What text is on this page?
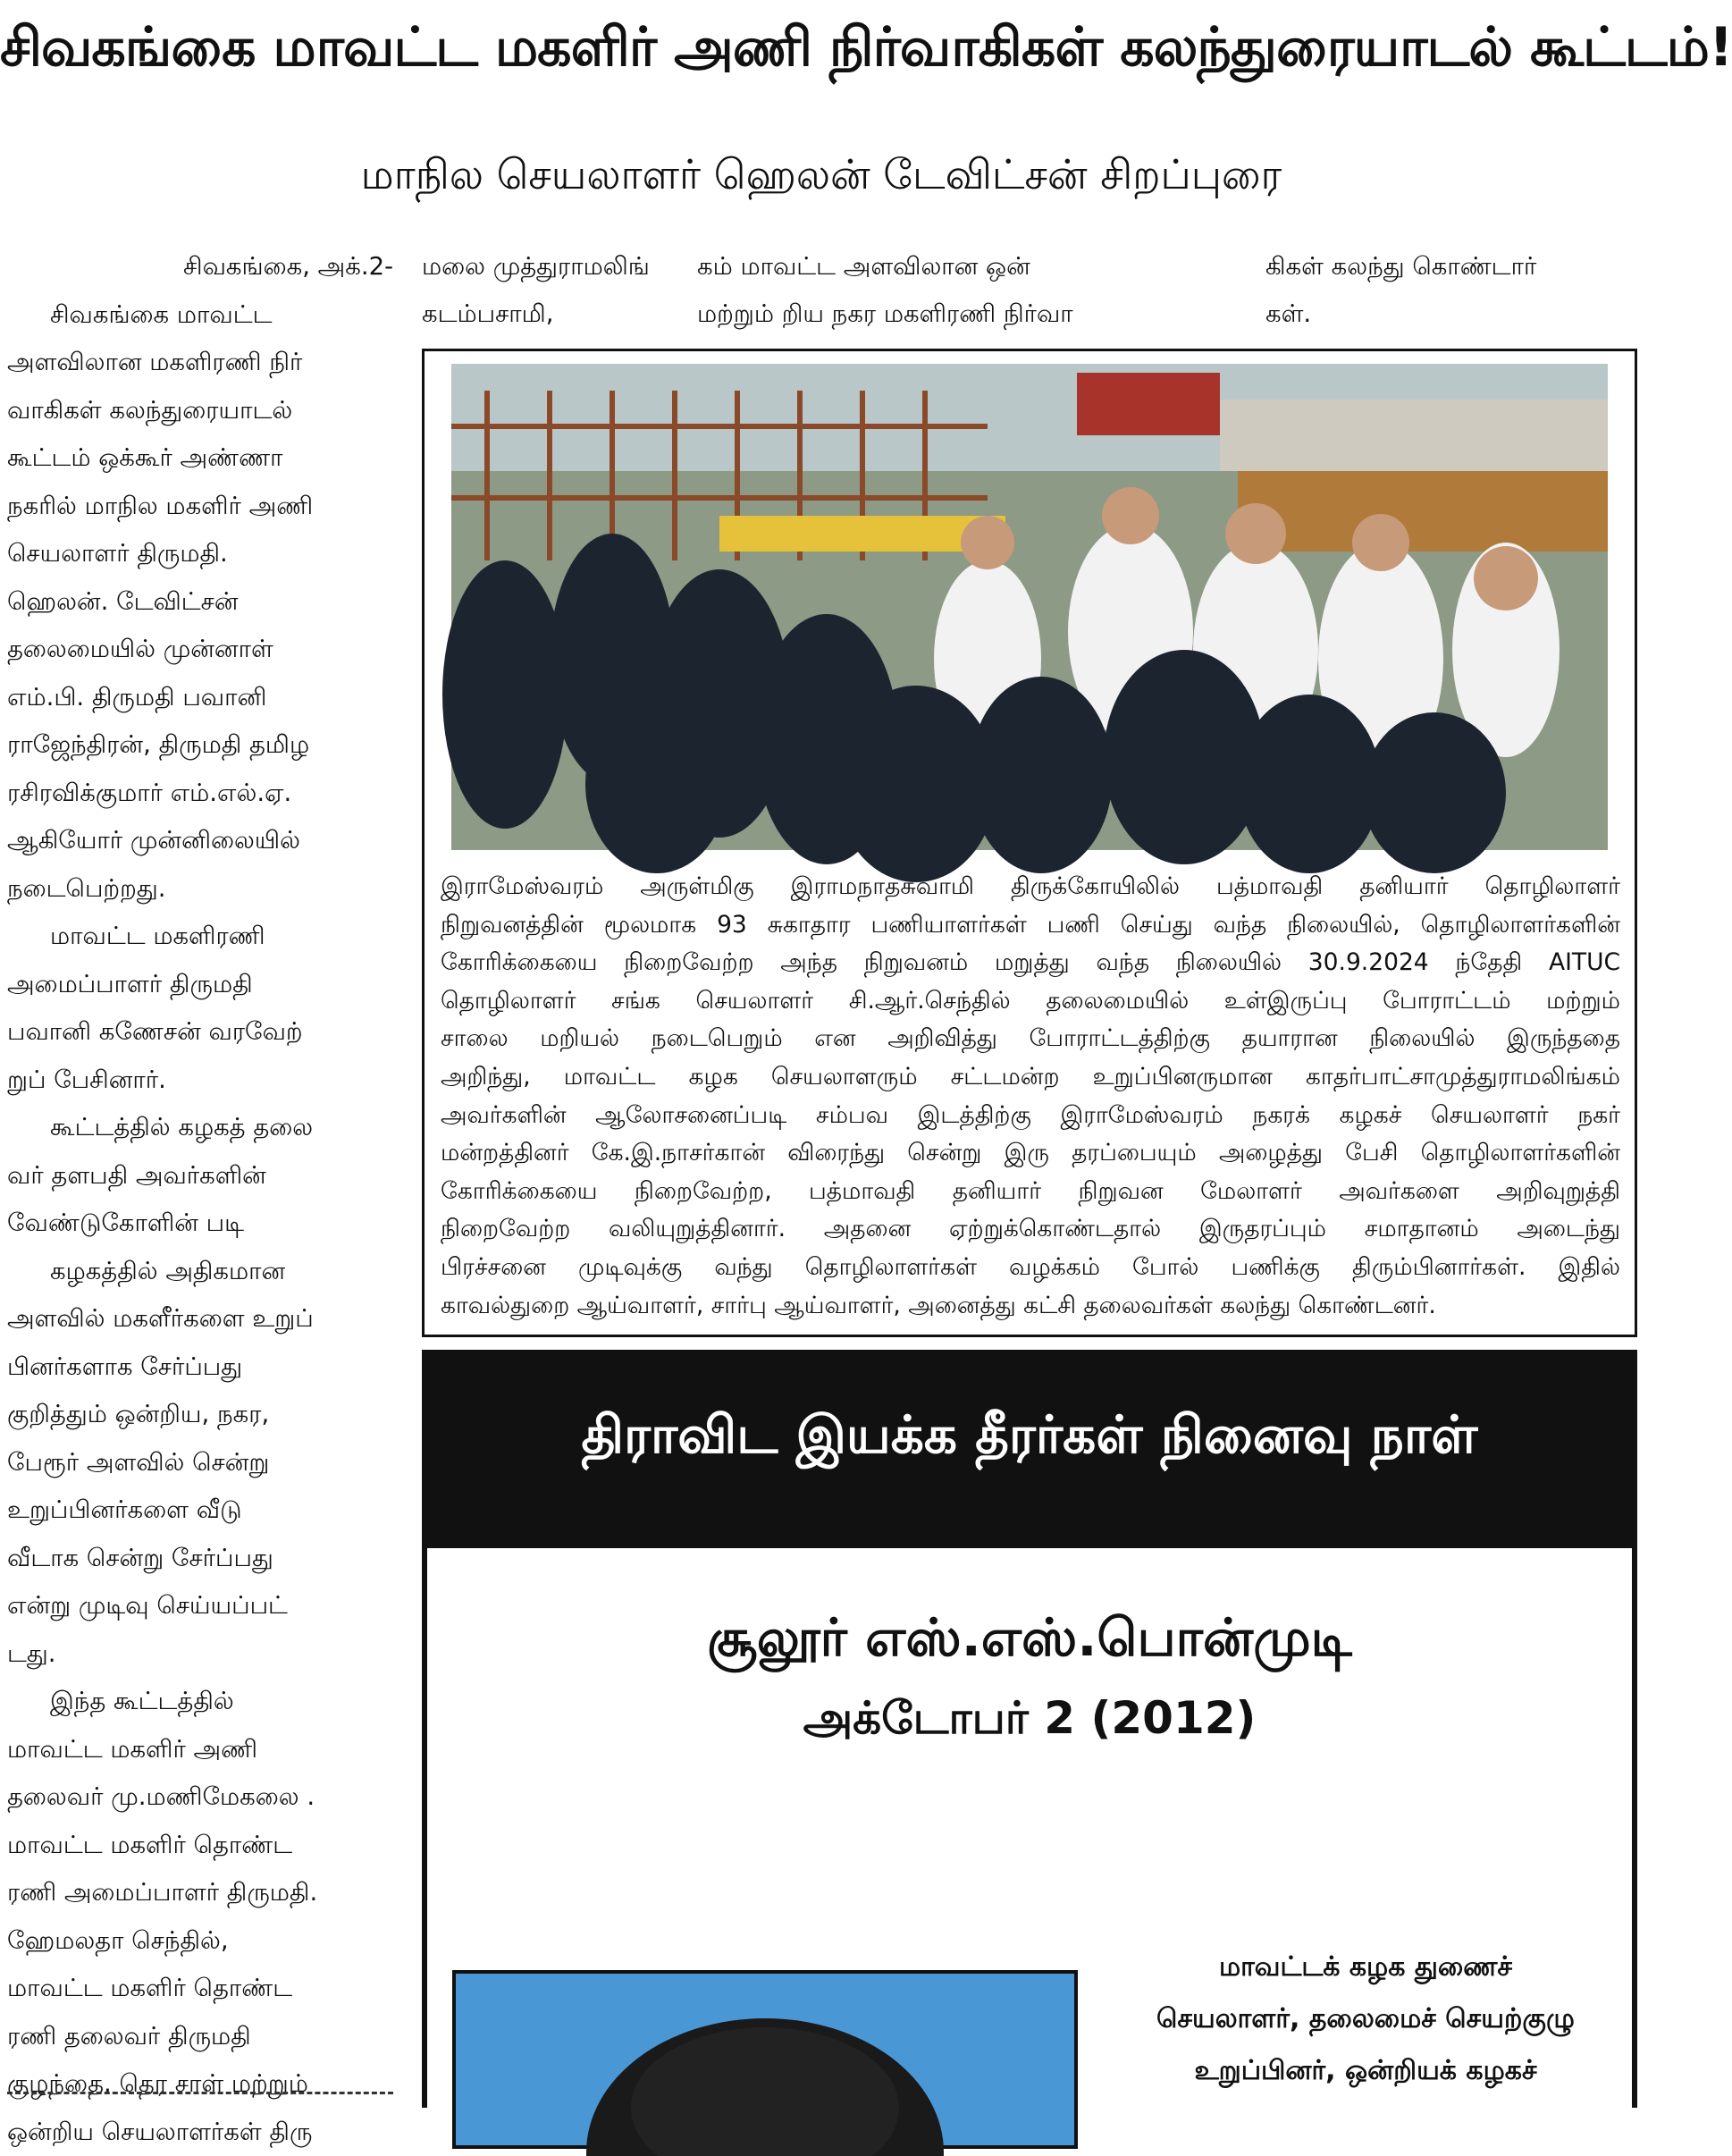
சிவகங்கை மாவட்ட மகளிர் அணி நிர்வாகிகள் கலந்துரையாடல் கூட்டம்!
மாநில செயலாளர் ஹெலன் டேவிட்சன் சிறப்புரை

சிவகங்கை, அக்.2-

சிவகங்கை மாவட்ட

அளவிலான மகளிரணி நிர்

வாகிகள் கலந்துரையாடல்

கூட்டம் ஒக்கூர் அண்ணா

நகரில் மாநில மகளிர் அணி

செயலாளர் திருமதி.

ஹெலன். டேவிட்சன்

தலைமையில் முன்னாள்

எம்.பி. திருமதி பவானி

ராஜேந்திரன், திருமதி தமிழ

ரசிரவிக்குமார் எம்.எல்.ஏ.

ஆகியோர் முன்னிலையில்

நடைபெற்றது.

மாவட்ட மகளிரணி

அமைப்பாளர் திருமதி

பவானி கணேசன் வரவேற்

றுப் பேசினார்.

கூட்டத்தில் கழகத் தலை

வர் தளபதி அவர்களின்

வேண்டுகோளின் படி

கழகத்தில் அதிகமான

அளவில் மகளீர்களை உறுப்

பினர்களாக சேர்ப்பது

குறித்தும் ஒன்றிய, நகர,

பேரூர் அளவில் சென்று

உறுப்பினர்களை வீடு

வீடாக சென்று சேர்ப்பது

என்று முடிவு செய்யப்பட்

டது.

இந்த கூட்டத்தில்

மாவட்ட மகளிர் அணி

தலைவர் மு.மணிமேகலை .

மாவட்ட மகளிர் தொண்ட

ரணி அமைப்பாளர் திருமதி.

ஹேமலதா செந்தில்,

மாவட்ட மகளிர் தொண்ட

ரணி தலைவர் திருமதி

குழந்தை. தெர சாள் மற்றும்

ஒன்றிய செயலாளர்கள் திரு

மலை முத்துராமலிங்
கடம்பசாமி,
கம் மாவட்ட அளவிலான ஒன்
மற்றும் றிய நகர மகளிரணி நிர்வா
கிகள் கலந்து கொண்டார்
கள்.

இராமேஸ்வரம் அருள்மிகு இராமநாதசுவாமி திருக்கோயிலில் பத்மாவதி தனியார் தொழிலாளர்

நிறுவனத்தின் மூலமாக 93 சுகாதார பணியாளர்கள் பணி செய்து வந்த நிலையில், தொழிலாளர்களின்

கோரிக்கையை நிறைவேற்ற அந்த நிறுவனம் மறுத்து வந்த நிலையில் 30.9.2024 ந்தேதி AITUC

தொழிலாளர் சங்க செயலாளர் சி.ஆர்.செந்தில் தலைமையில் உள்இருப்பு போராட்டம் மற்றும்

சாலை மறியல் நடைபெறும் என அறிவித்து போராட்டத்திற்கு தயாரான நிலையில் இருந்ததை

அறிந்து, மாவட்ட கழக செயலாளரும் சட்டமன்ற உறுப்பினருமான காதர்பாட்சாமுத்துராமலிங்கம்

அவர்களின் ஆலோசனைப்படி சம்பவ இடத்திற்கு இராமேஸ்வரம் நகரக் கழகச் செயலாளர் நகர்

மன்றத்தினர் கே.இ.நாசர்கான் விரைந்து சென்று இரு தரப்பையும் அழைத்து பேசி தொழிலாளர்களின்

கோரிக்கையை நிறைவேற்ற, பத்மாவதி தனியார் நிறுவன மேலாளர் அவர்களை அறிவுறுத்தி

நிறைவேற்ற வலியுறுத்தினார். அதனை ஏற்றுக்கொண்டதால் இருதரப்பும் சமாதானம் அடைந்து

பிரச்சனை முடிவுக்கு வந்து தொழிலாளர்கள் வழக்கம் போல் பணிக்கு திரும்பினார்கள். இதில்

காவல்துறை ஆய்வாளர், சார்பு ஆய்வாளர், அனைத்து கட்சி தலைவர்கள் கலந்து கொண்டனர்.

திராவிட இயக்க தீரர்கள் நினைவு நாள்
சூலூர் எஸ்.எஸ்.பொன்முடி
அக்டோபர் 2 (2012)
மாவட்டக் கழக துணைச்
செயலாளர், தலைமைச் செயற்குழு
உறுப்பினர், ஒன்றியக் கழகச்
